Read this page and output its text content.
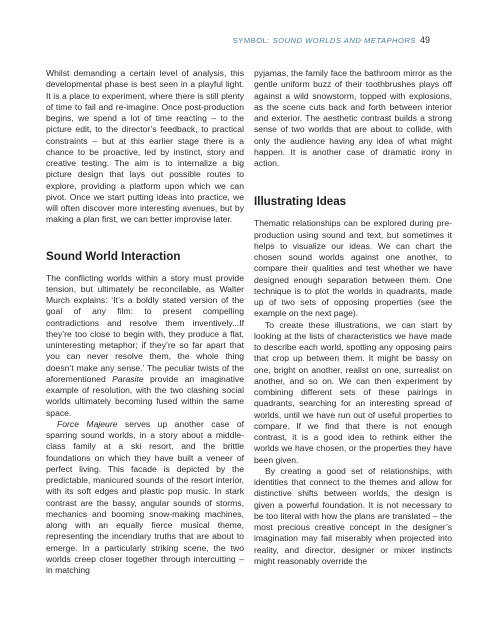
SYMBOL: SOUND WORLDS AND METAPHORS 49

Whilst demanding a certain level of analysis, this developmental phase is best seen in a playful light. It is a place to experiment, where there is still plenty of time to fail and re-imagine. Once post-production begins, we spend a lot of time reacting – to the picture edit, to the director’s feedback, to practical constraints – but at this earlier stage there is a chance to be proactive, led by instinct, story and creative testing. The aim is to internalize a big picture design that lays out possible routes to explore, providing a platform upon which we can pivot. Once we start putting ideas into practice, we will often discover more interesting avenues, but by making a plan first, we can better improvise later.

Sound World Interaction

The conflicting worlds within a story must provide tension, but ultimately be reconcilable, as Walter Murch explains: ‘It’s a boldly stated version of the goal of any film: to present compelling contradictions and resolve them inventively...If they’re too close to begin with, they produce a flat, uninteresting metaphor; if they’re so far apart that you can never resolve them, the whole thing doesn’t make any sense.’ The peculiar twists of the aforementioned Parasite provide an imaginative example of resolution, with the two clashing social worlds ultimately becoming fused within the same space.

Force Majeure serves up another case of sparring sound worlds, in a story about a middle-class family at a ski resort, and the brittle foundations on which they have built a veneer of perfect living. This facade is depicted by the predictable, manicured sounds of the resort interior, with its soft edges and plastic pop music. In stark contrast are the bassy, angular sounds of storms, mechanics and booming snow-making machines, along with an equally fierce musical theme, representing the incendiary truths that are about to emerge. In a particularly striking scene, the two worlds creep closer together through intercutting – in matching

pyjamas, the family face the bathroom mirror as the gentle uniform buzz of their toothbrushes plays off against a wild snowstorm, topped with explosions, as the scene cuts back and forth between interior and exterior. The aesthetic contrast builds a strong sense of two worlds that are about to collide, with only the audience having any idea of what might happen. It is another case of dramatic irony in action.

Illustrating Ideas

Thematic relationships can be explored during pre-production using sound and text, but sometimes it helps to visualize our ideas. We can chart the chosen sound worlds against one another, to compare their qualities and test whether we have designed enough separation between them. One technique is to plot the worlds in quadrants, made up of two sets of opposing properties (see the example on the next page).

To create these illustrations, we can start by looking at the lists of characteristics we have made to describe each world, spotting any opposing pairs that crop up between them. It might be bassy on one, bright on another, realist on one, surrealist on another, and so on. We can then experiment by combining different sets of these pairings in quadrants, searching for an interesting spread of worlds, until we have run out of useful properties to compare. If we find that there is not enough contrast, it is a good idea to rethink either the worlds we have chosen, or the properties they have been given.

By creating a good set of relationships, with identities that connect to the themes and allow for distinctive shifts between worlds, the design is given a powerful foundation. It is not necessary to be too literal with how the plans are translated – the most precious creative concept in the designer’s imagination may fail miserably when projected into reality, and director, designer or mixer instincts might reasonably override the
